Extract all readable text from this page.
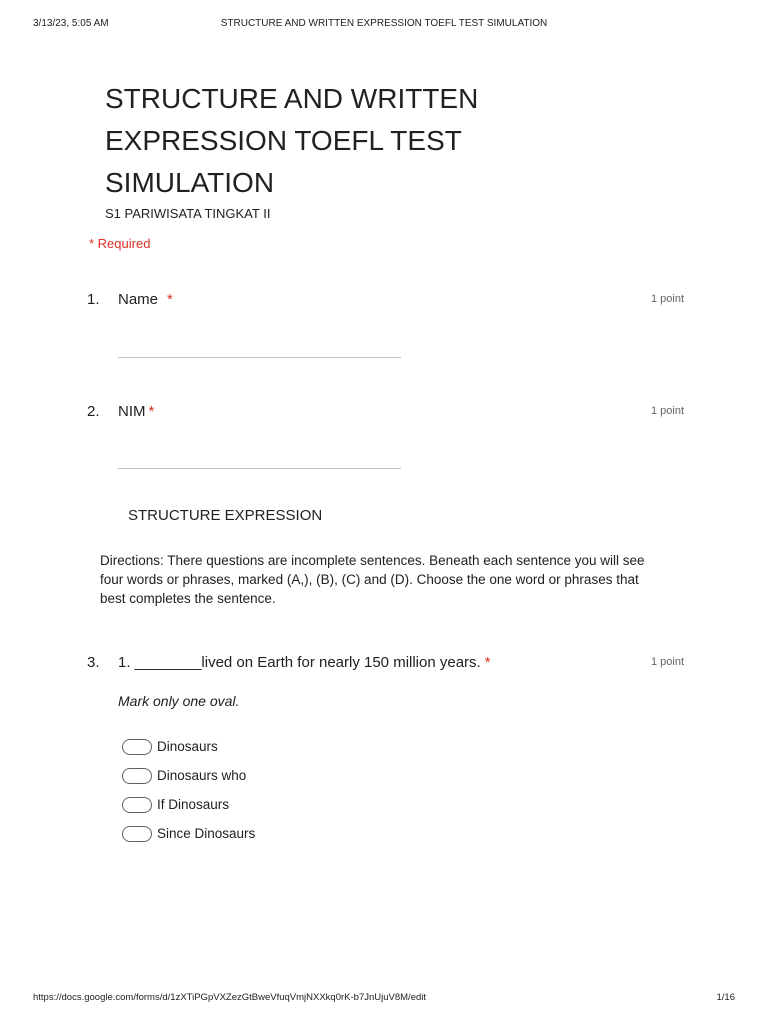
3/13/23, 5:05 AM	STRUCTURE AND WRITTEN EXPRESSION TOEFL TEST SIMULATION
STRUCTURE AND WRITTEN EXPRESSION TOEFL TEST SIMULATION
S1 PARIWISATA TINGKAT II
* Required
1. Name *	1 point
2. NIM *	1 point
STRUCTURE EXPRESSION
Directions: There questions are incomplete sentences. Beneath each sentence you will see four words or phrases, marked (A,), (B), (C) and (D). Choose the one word or phrases that best completes the sentence.
3. 1. ________lived on Earth for nearly 150 million years. *	1 point
Mark only one oval.
Dinosaurs
Dinosaurs who
If Dinosaurs
Since Dinosaurs
https://docs.google.com/forms/d/1zXTiPGpVXZezGtBweVfuqVmjNXXkq0rK-b7JnUjuV8M/edit	1/16
